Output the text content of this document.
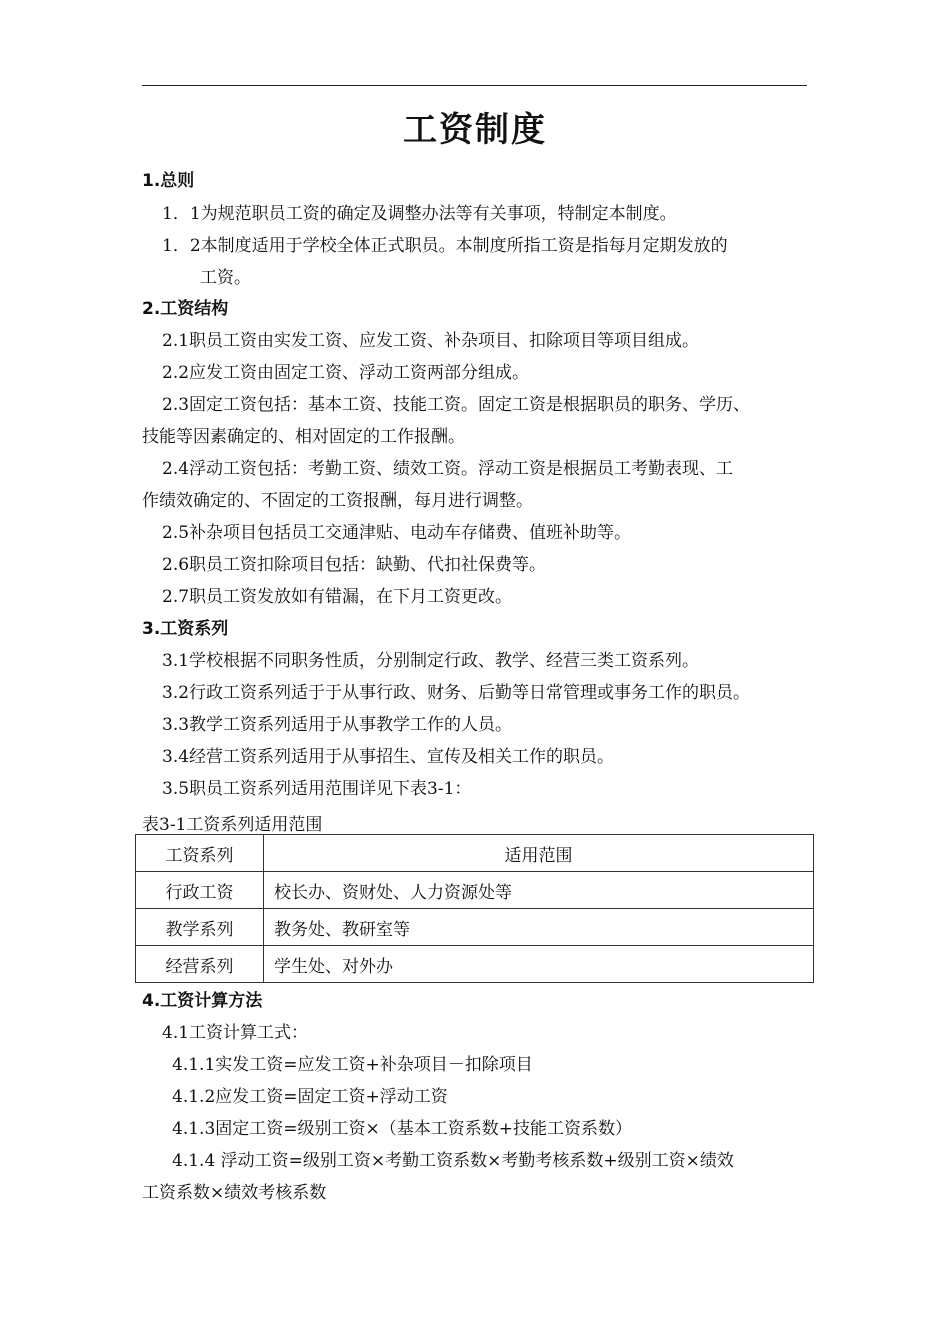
工资制度
1.总则
1．1为规范职员工资的确定及调整办法等有关事项，特制定本制度。
1．2本制度适用于学校全体正式职员。本制度所指工资是指每月定期发放的
工资。
2.工资结构
2.1职员工资由实发工资、应发工资、补杂项目、扣除项目等项目组成。
2.2应发工资由固定工资、浮动工资两部分组成。
2.3固定工资包括：基本工资、技能工资。固定工资是根据职员的职务、学历、
技能等因素确定的、相对固定的工作报酬。
2.4浮动工资包括：考勤工资、绩效工资。浮动工资是根据员工考勤表现、工
作绩效确定的、不固定的工资报酬，每月进行调整。
2.5补杂项目包括员工交通津贴、电动车存储费、值班补助等。
2.6职员工资扣除项目包括：缺勤、代扣社保费等。
2.7职员工资发放如有错漏，在下月工资更改。
3.工资系列
3.1学校根据不同职务性质，分别制定行政、教学、经营三类工资系列。
3.2行政工资系列适于于从事行政、财务、后勤等日常管理或事务工作的职员。
3.3教学工资系列适用于从事教学工作的人员。
3.4经营工资系列适用于从事招生、宣传及相关工作的职员。
3.5职员工资系列适用范围详见下表3-1：
表3-1工资系列适用范围
工资系列	适用范围
行政工资	校长办、资财处、人力资源处等
教学系列	教务处、教研室等
经营系列	学生处、对外办
4.工资计算方法
4.1工资计算工式：
4.1.1实发工资=应发工资+补杂项目－扣除项目
4.1.2应发工资=固定工资+浮动工资
4.1.3固定工资=级别工资×（基本工资系数+技能工资系数）
4.1.4 浮动工资=级别工资×考勤工资系数×考勤考核系数+级别工资×绩效
工资系数×绩效考核系数
